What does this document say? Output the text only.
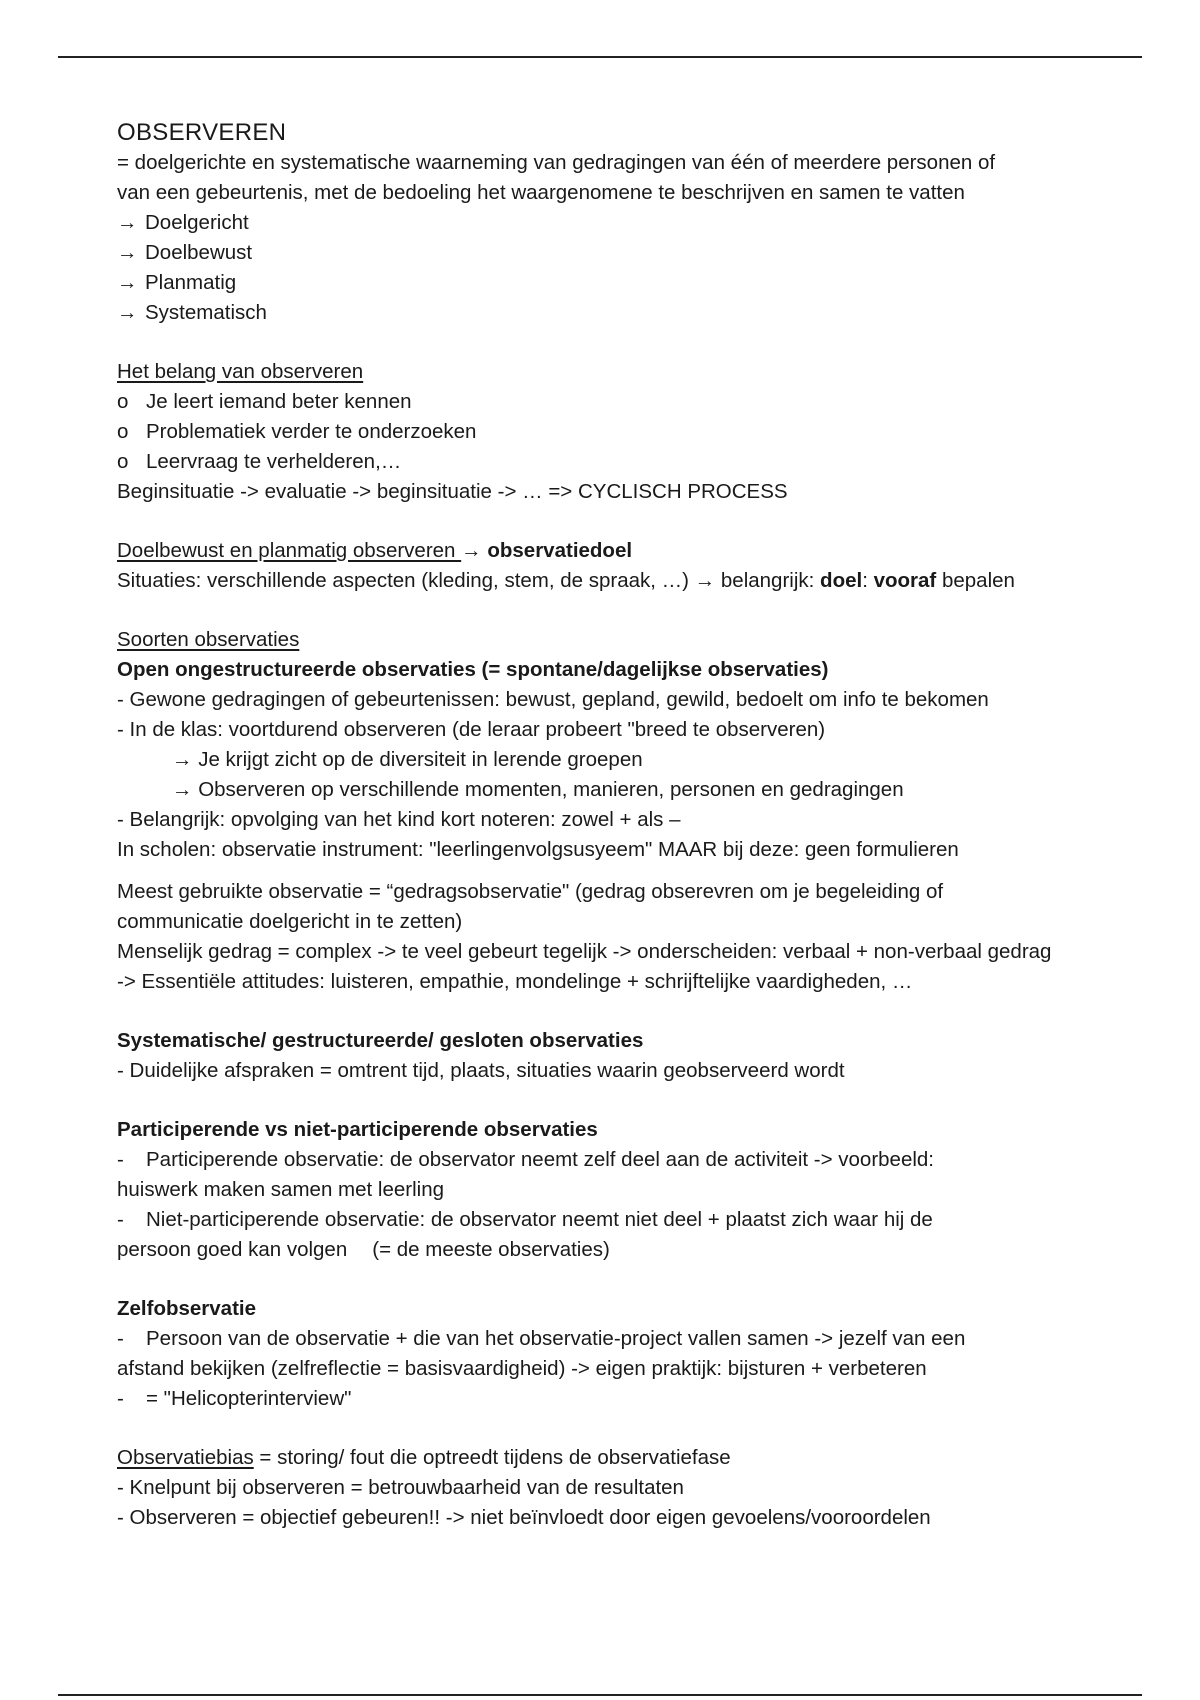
OBSERVEREN
= doelgerichte en systematische waarneming van gedragingen van één of meerdere personen of
van een gebeurtenis, met de bedoeling het waargenomene te beschrijven en samen te vatten
→ Doelgericht
→ Doelbewust
→ Planmatig
→ Systematisch
Het belang van observeren
o Je leert iemand beter kennen
o Problematiek verder te onderzoeken
o Leervraag te verhelderen,…
Beginsituatie -> evaluatie -> beginsituatie -> … => CYCLISCH PROCESS
Doelbewust en planmatig observeren → observatiedoel
Situaties: verschillende aspecten (kleding, stem, de spraak, …) → belangrijk: doel: vooraf bepalen
Soorten observaties
Open ongestructureerde observaties (= spontane/dagelijkse observaties)
- Gewone gedragingen of gebeurtenissen: bewust, gepland, gewild, bedoelt om info te bekomen
- In de klas: voortdurend observeren (de leraar probeert "breed te observeren)
→ Je krijgt zicht op de diversiteit in lerende groepen
→ Observeren op verschillende momenten, manieren, personen en gedragingen
- Belangrijk: opvolging van het kind kort noteren: zowel + als –
In scholen: observatie instrument: "leerlingenvolgsusyeem" MAAR bij deze: geen formulieren
Meest gebruikte observatie = “gedragsobservatie" (gedrag obserevren om je begeleiding of
communicatie doelgericht in te zetten)
Menselijk gedrag = complex -> te veel gebeurt tegelijk -> onderscheiden: verbaal + non-verbaal gedrag
-> Essentiële attitudes: luisteren, empathie, mondelinge + schrijftelijke vaardigheden, …
Systematische/ gestructureerde/ gesloten observaties
- Duidelijke afspraken = omtrent tijd, plaats, situaties waarin geobserveerd wordt
Participerende vs niet-participerende observaties
- Participerende observatie: de observator neemt zelf deel aan de activiteit -> voorbeeld:
huiswerk maken samen met leerling
- Niet-participerende observatie: de observator neemt niet deel + plaatst zich waar hij de
persoon goed kan volgen (= de meeste observaties)
Zelfobservatie
- Persoon van de observatie + die van het observatie-project vallen samen -> jezelf van een
afstand bekijken (zelfreflectie = basisvaardigheid) -> eigen praktijk: bijsturen + verbeteren
- = "Helicopterinterview"
Observatiebias = storing/ fout die optreedt tijdens de observatiefase
- Knelpunt bij observeren = betrouwbaarheid van de resultaten
- Observeren = objectief gebeuren!! -> niet beïnvloedt door eigen gevoelens/vooroordelen
